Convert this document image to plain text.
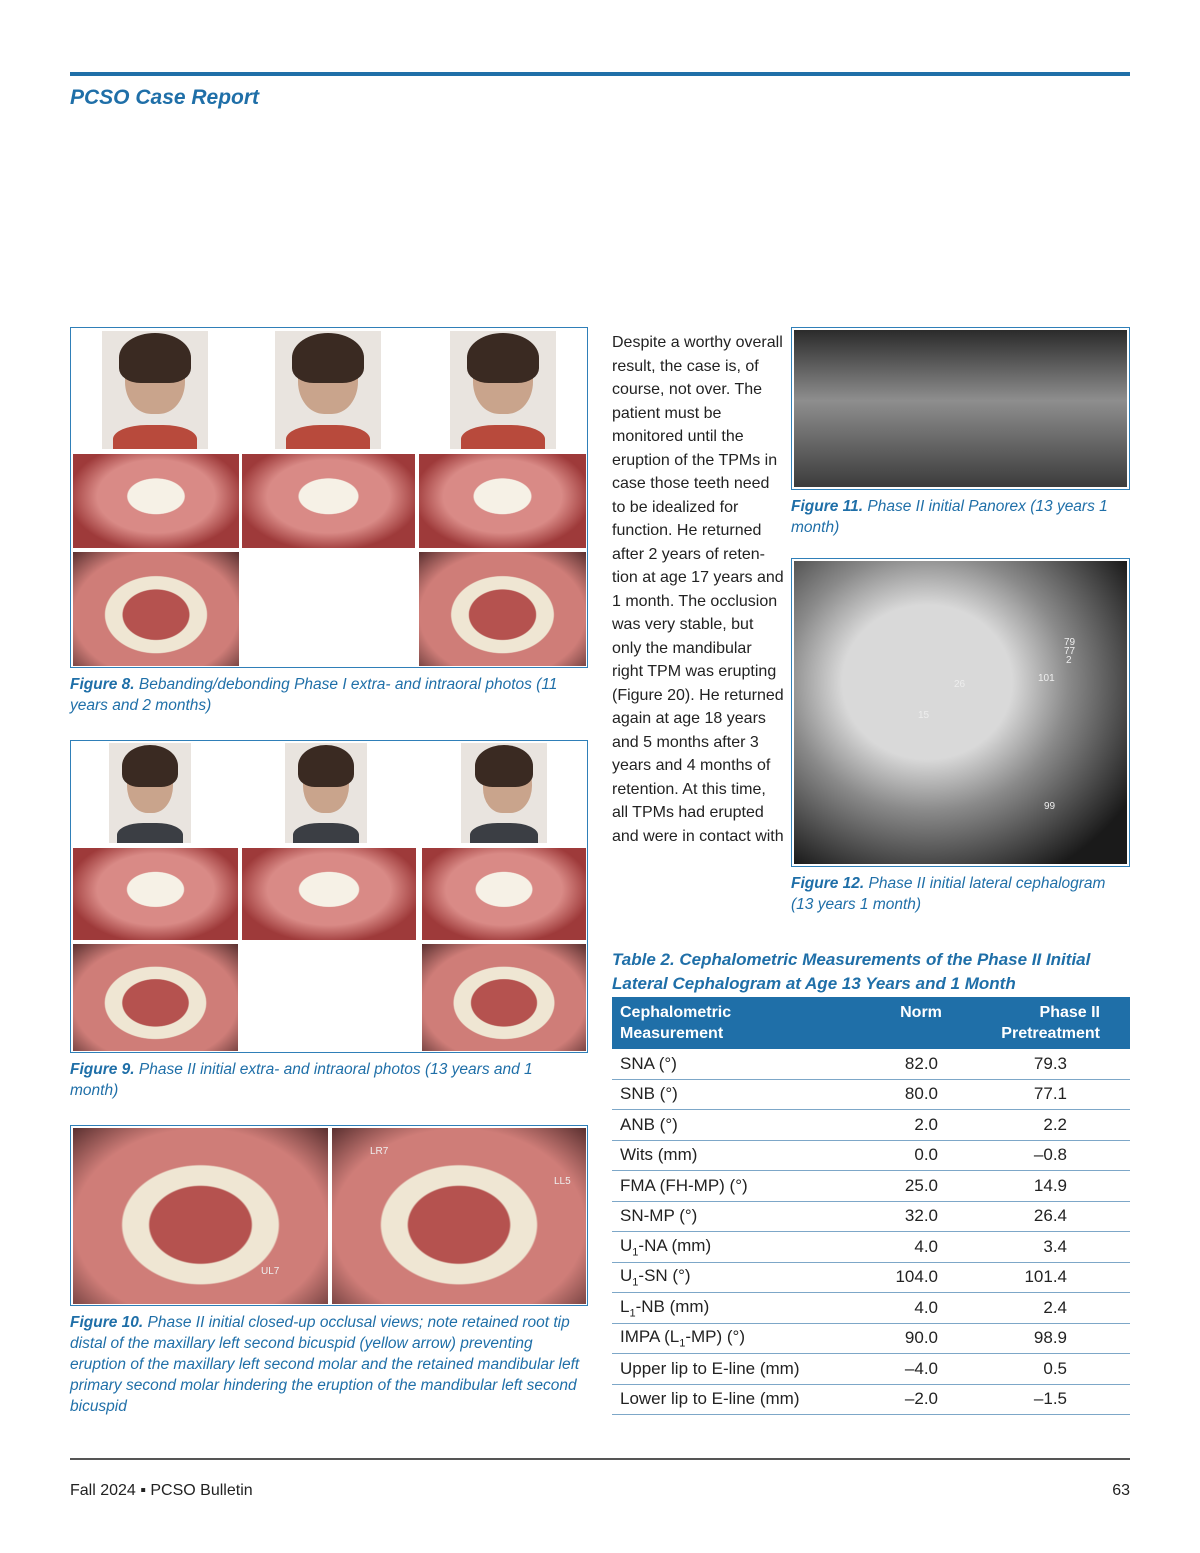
PCSO Case Report
Figure 8. Bebanding/debonding Phase I extra- and intraoral photos (11 years and 2 months)
Figure 9. Phase II initial extra- and intraoral photos (13 years and 1 month)
UL7
LR7
LL5
Figure 10. Phase II initial closed-up occlusal views; note retained root tip distal of the maxillary left second bicuspid (yellow arrow) preventing eruption of the maxillary left second molar and the retained mandibular left primary second molar hindering the eruption of the mandibular left second bicuspid
Despite a worthy overall result, the case is, of course, not over. The patient must be monitored until the eruption of the TPMs in case those teeth need to be idealized for function. He returned after 2 years of reten-tion at age 17 years and 1 month. The occlusion was very stable, but only the mandibular right TPM was erupting (Figure 20). He returned again at age 18 years and 5 months after 3 years and 4 months of retention. At this time, all TPMs had erupted and were in contact with
Figure 11. Phase II initial Panorex (13 years 1 month)
79
77
2
101
26
15
99
Figure 12. Phase II initial lateral cephalogram (13 years 1 month)
Table 2. Cephalometric Measurements of the Phase II Initial Lateral Cephalogram at Age 13 Years and 1 Month
Cephalometric
Measurement	Norm	Phase II
Pretreatment
SNA (°)	82.0	79.3
SNB (°)	80.0	77.1
ANB (°)	2.0	2.2
Wits (mm)	0.0	–0.8
FMA (FH-MP) (°)	25.0	14.9
SN-MP (°)	32.0	26.4
$U_1-NA$ (mm)	4.0	3.4
$U_1-SN$ (°)	104.0	101.4
$L_1-NB$ (mm)	4.0	2.4
IMPA $(L_1-MP)$ (°)	90.0	98.9
Upper lip to E-line (mm)	–4.0	0.5
Lower lip to E-line (mm)	–2.0	–1.5
Fall 2024 ▪ PCSO Bulletin	63
